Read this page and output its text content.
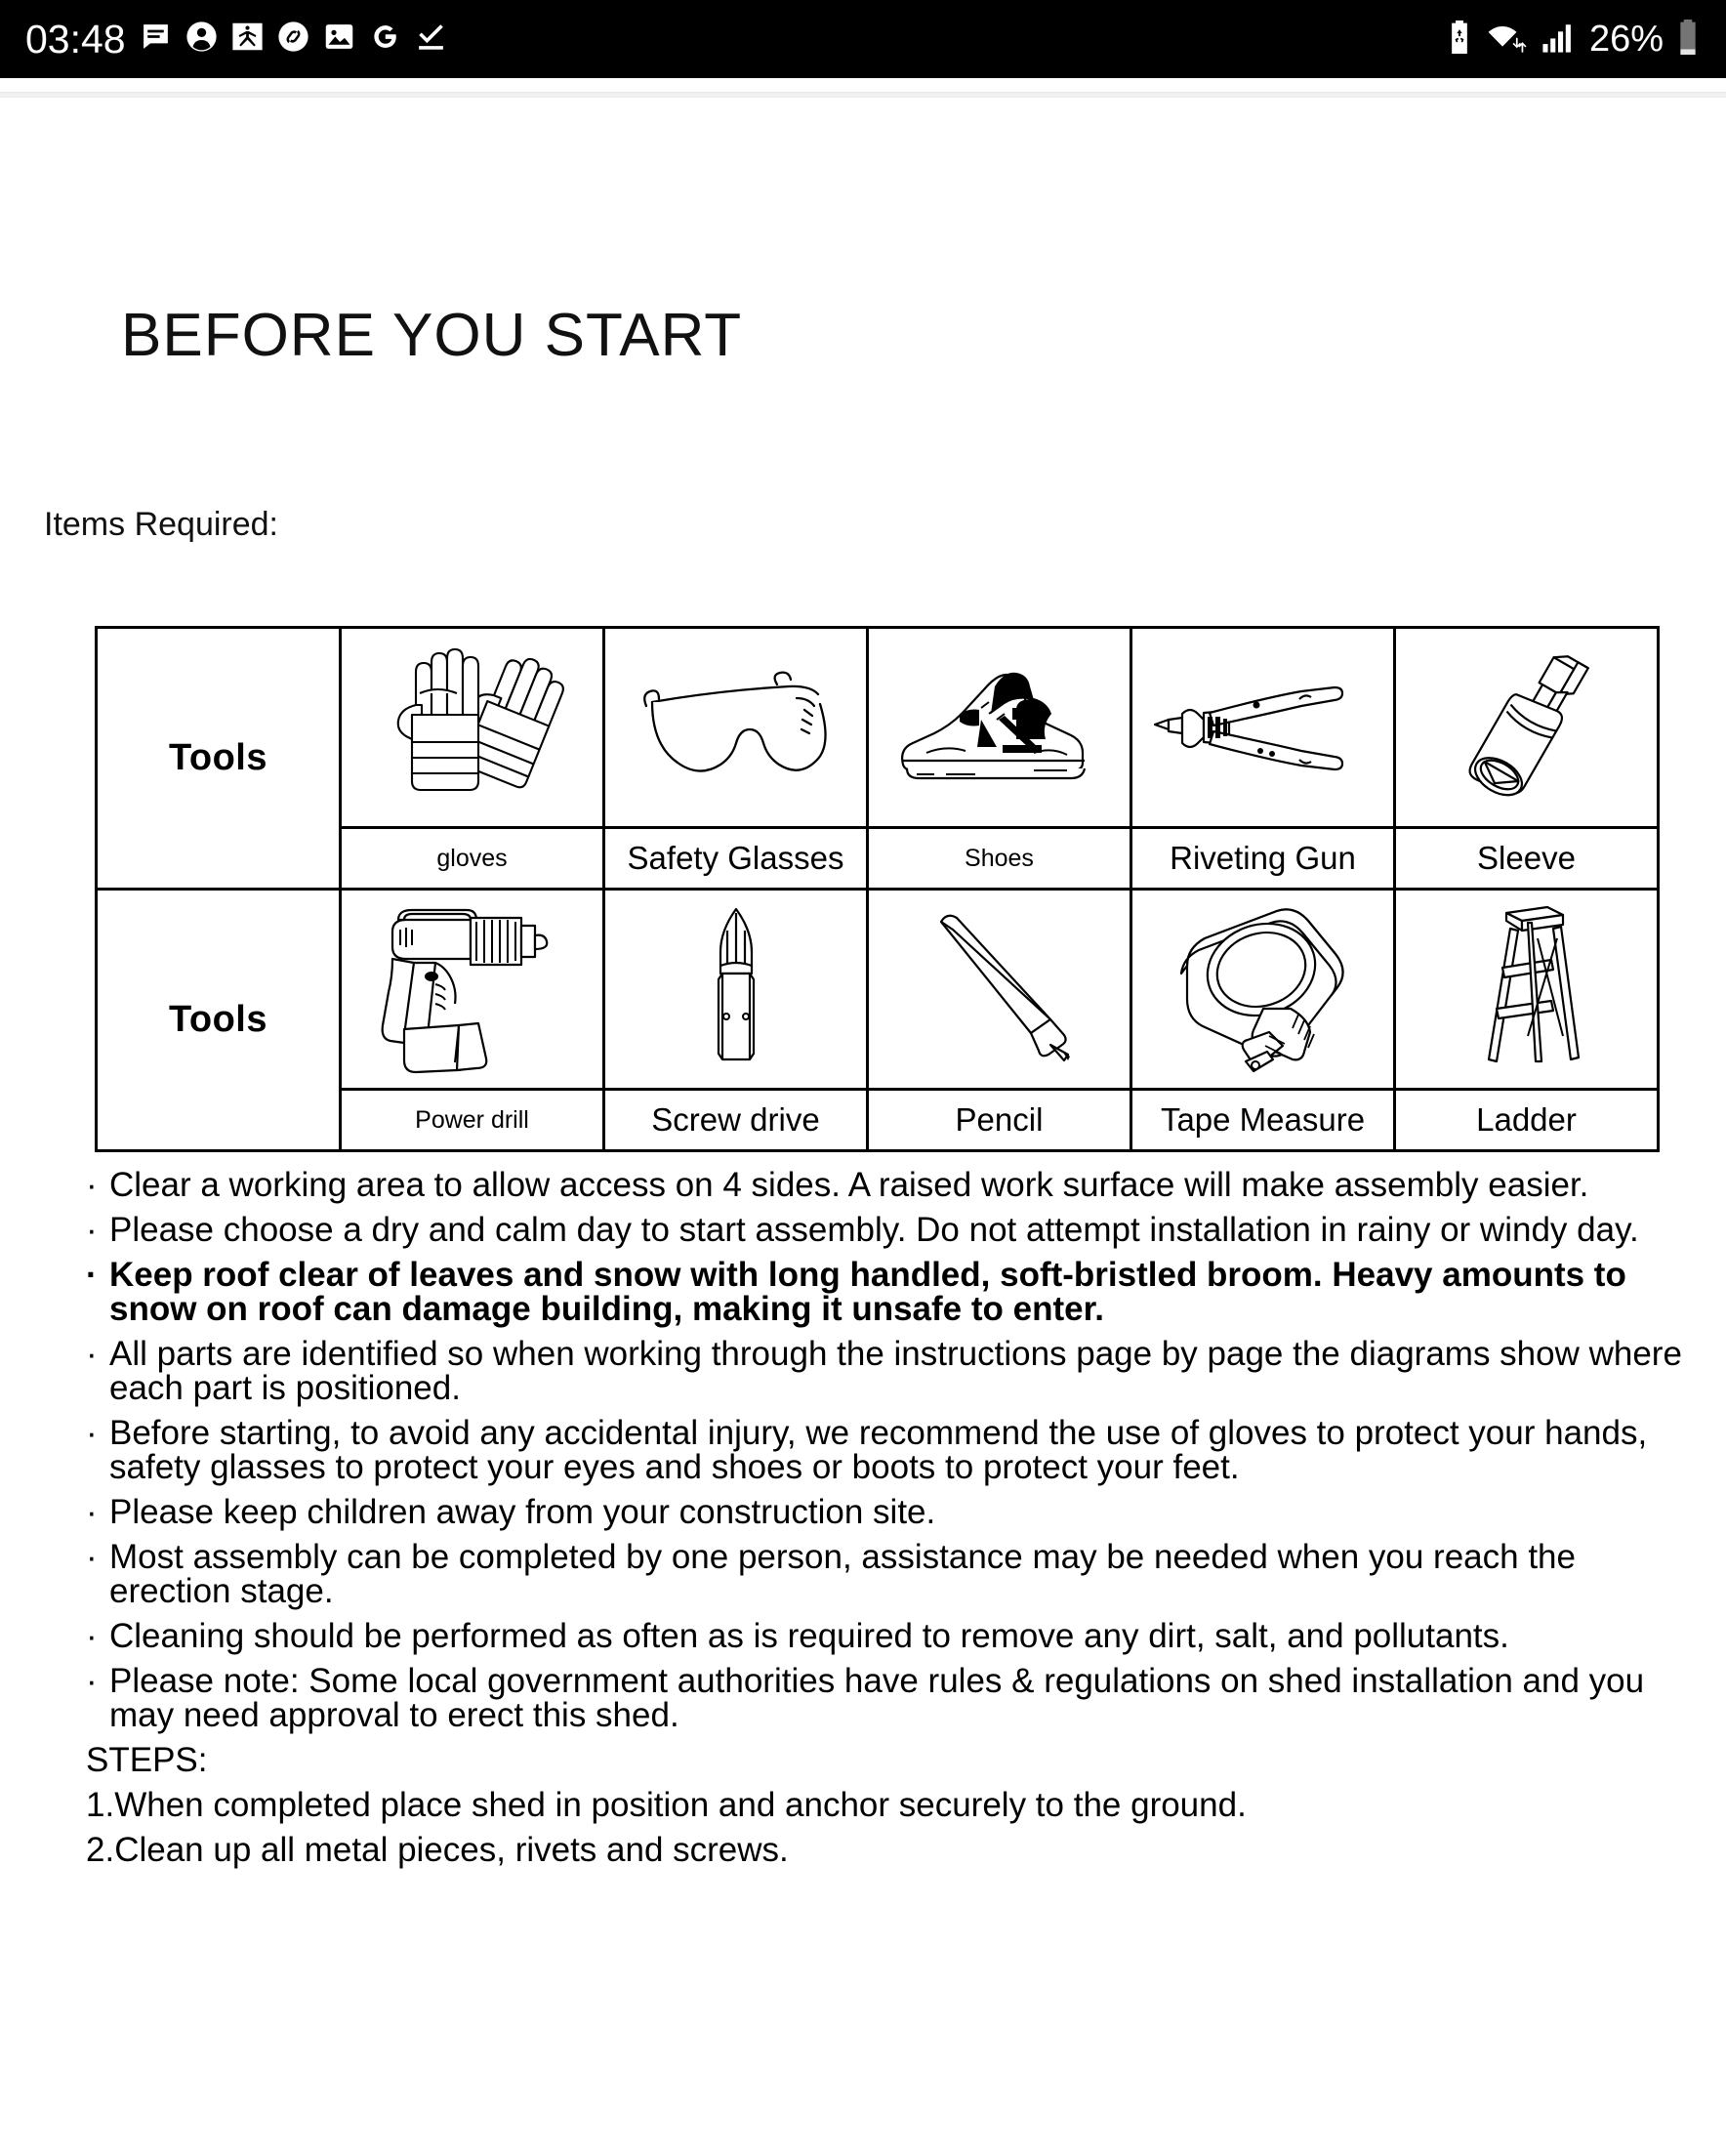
03:48	26%
BEFORE YOU START
Items Required:
Tools	

	gloves	Safety Glasses	Shoes	Riveting Gun	Sleeve
Tools	

	Power drill	Screw drive	Pencil	Tape Measure	Ladder
· Clear a working area to allow access on 4 sides. A raised work surface will make assembly easier.
· Please choose a dry and calm day to start assembly. Do not attempt installation in rainy or windy day.
· Keep roof clear of leaves and snow with long handled, soft-bristled broom. Heavy amounts to snow on roof can damage building, making it unsafe to enter.
· All parts are identified so when working through the instructions page by page the diagrams show where each part is positioned.
· Before starting, to avoid any accidental injury, we recommend the use of gloves to protect your hands, safety glasses to protect your eyes and shoes or boots to protect your feet.
· Please keep children away from your construction site.
· Most assembly can be completed by one person, assistance may be needed when you reach the erection stage.
· Cleaning should be performed as often as is required to remove any dirt, salt, and pollutants.
· Please note: Some local government authorities have rules & regulations on shed installation and you may need approval to erect this shed.
STEPS:
1.When completed place shed in position and anchor securely to the ground.
2.Clean up all metal pieces, rivets and screws.
